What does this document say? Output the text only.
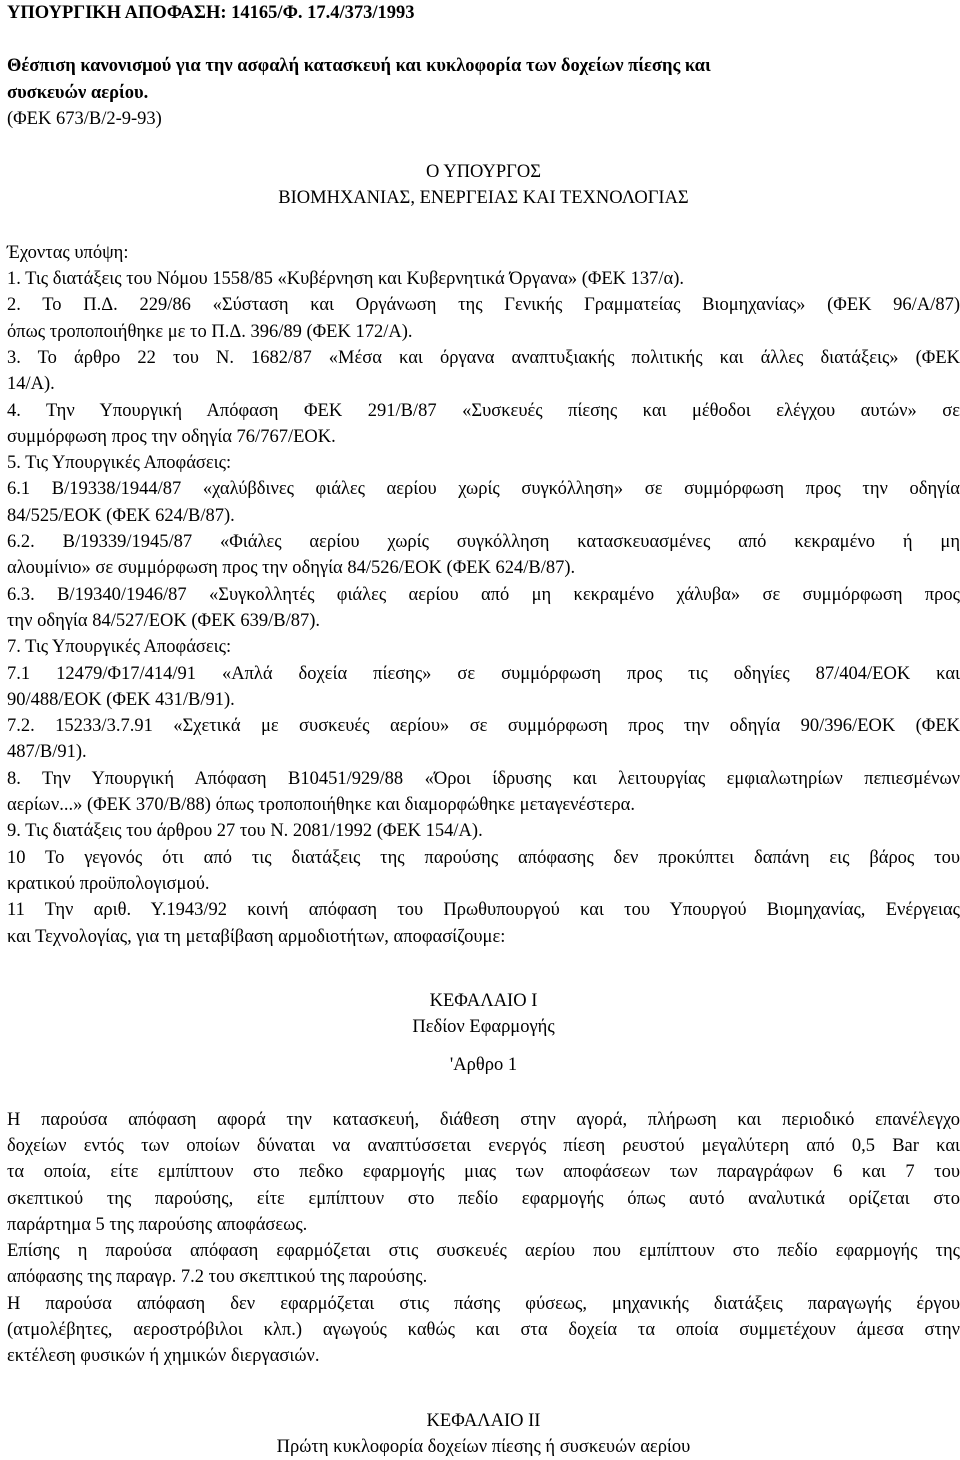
ΥΠΟΥΡΓΙΚΗ ΑΠΟΦΑΣΗ: 14165/Φ. 17.4/373/1993
Θέσπιση κανονισμού για την ασφαλή κατασκευή και κυκλοφορία των δοχείων πίεσης και
συσκευών αερίου.
(ΦΕΚ 673/Β/2-9-93)
Ο ΥΠΟΥΡΓΟΣ
ΒΙΟΜΗΧΑΝΙΑΣ, ΕΝΕΡΓΕΙΑΣ ΚΑΙ ΤΕΧΝΟΛΟΓΙΑΣ
Έχοντας υπόψη:
1. Τις διατάξεις του Νόμου 1558/85 «Κυβέρνηση και Κυβερνητικά Όργανα» (ΦΕΚ 137/α).
2. Το Π.Δ. 229/86 «Σύσταση και Οργάνωση της Γενικής Γραμματείας Βιομηχανίας» (ΦΕΚ 96/Α/87)
όπως τροποποιήθηκε με το Π.Δ. 396/89 (ΦΕΚ 172/Α).
3. Το άρθρο 22 του Ν. 1682/87 «Μέσα και όργανα αναπτυξιακής πολιτικής και άλλες διατάξεις» (ΦΕΚ
14/Α).
4. Την Υπουργική Απόφαση ΦΕΚ 291/Β/87 «Συσκευές πίεσης και μέθοδοι ελέγχου αυτών» σε
συμμόρφωση προς την οδηγία 76/767/ΕΟΚ.
5. Τις Υπουργικές Αποφάσεις:
6.1 Β/19338/1944/87 «χαλύβδινες φιάλες αερίου χωρίς συγκόλληση» σε συμμόρφωση προς την οδηγία
84/525/ΕΟΚ (ΦΕΚ 624/Β/87).
6.2. Β/19339/1945/87 «Φιάλες αερίου χωρίς συγκόλληση κατασκευασμένες από κεκραμένο ή μη
αλουμίνιο» σε συμμόρφωση προς την οδηγία 84/526/ΕΟΚ (ΦΕΚ 624/Β/87).
6.3. Β/19340/1946/87 «Συγκολλητές φιάλες αερίου από μη κεκραμένο χάλυβα» σε συμμόρφωση προς
την οδηγία 84/527/ΕΟΚ (ΦΕΚ 639/Β/87).
7. Τις Υπουργικές Αποφάσεις:
7.1 12479/Φ17/414/91 «Απλά δοχεία πίεσης» σε συμμόρφωση προς τις οδηγίες 87/404/ΕΟΚ και
90/488/ΕΟΚ (ΦΕΚ 431/Β/91).
7.2. 15233/3.7.91 «Σχετικά με συσκευές αερίου» σε συμμόρφωση προς την οδηγία 90/396/ΕΟΚ (ΦΕΚ
487/Β/91).
8. Την Υπουργική Απόφαση Β10451/929/88 «Όροι ίδρυσης και λειτουργίας εμφιαλωτηρίων πεπιεσμένων
αερίων...» (ΦΕΚ 370/Β/88) όπως τροποποιήθηκε και διαμορφώθηκε μεταγενέστερα.
9. Τις διατάξεις του άρθρου 27 του Ν. 2081/1992 (ΦΕΚ 154/Α).
10 Το γεγονός ότι από τις διατάξεις της παρούσης απόφασης δεν προκύπτει δαπάνη εις βάρος του
κρατικού προϋπολογισμού.
11 Την αριθ. Υ.1943/92 κοινή απόφαση του Πρωθυπουργού και του Υπουργού Βιομηχανίας, Ενέργειας
και Τεχνολογίας, για τη μεταβίβαση αρμοδιοτήτων, αποφασίζουμε:
ΚΕΦΑΛΑΙΟ Ι
Πεδίον Εφαρμογής
'Αρθρο 1
Η παρούσα απόφαση αφορά την κατασκευή, διάθεση στην αγορά, πλήρωση και περιοδικό επανέλεγχο
δοχείων εντός των οποίων δύναται να αναπτύσσεται ενεργός πίεση ρευστού μεγαλύτερη από 0,5 Bar και
τα οποία, είτε εμπίπτουν στο πεδκο εφαρμογής μιας των αποφάσεων των παραγράφων 6 και 7 του
σκεπτικού της παρούσης, είτε εμπίπτουν στο πεδίο εφαρμογής όπως αυτό αναλυτικά ορίζεται στο
παράρτημα 5 της παρούσης αποφάσεως.
Επίσης η παρούσα απόφαση εφαρμόζεται στις συσκευές αερίου που εμπίπτουν στο πεδίο εφαρμογής της
απόφασης της παραγρ. 7.2 του σκεπτικού της παρούσης.
Η παρούσα απόφαση δεν εφαρμόζεται στις πάσης φύσεως, μηχανικής διατάξεις παραγωγής έργου
(ατμολέβητες, αεροστρόβιλοι κλπ.) αγωγούς καθώς και στα δοχεία τα οποία συμμετέχουν άμεσα στην
εκτέλεση φυσικών ή χημικών διεργασιών.
ΚΕΦΑΛΑΙΟ ΙΙ
Πρώτη κυκλοφορία δοχείων πίεσης ή συσκευών αερίου
